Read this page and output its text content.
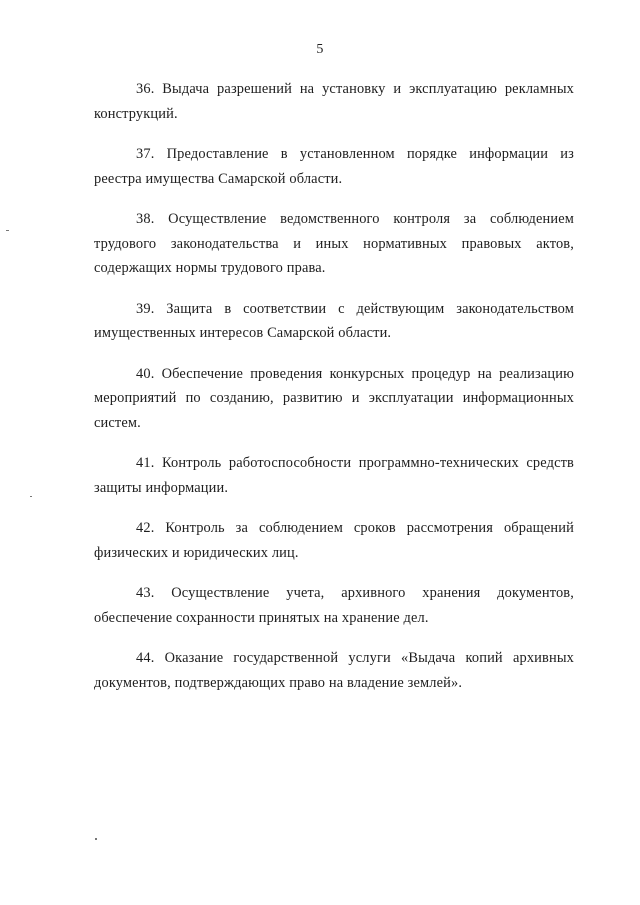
5

36. Выдача разрешений на установку и эксплуатацию рекламных конструкций.

37. Предоставление в установленном порядке информации из реестра имущества Самарской области.

38. Осуществление ведомственного контроля за соблюдением трудового законодательства и иных нормативных правовых актов, содержащих нормы трудового права.

39. Защита в соответствии с действующим законодательством имущественных интересов Самарской области.

40. Обеспечение проведения конкурсных процедур на реализацию мероприятий по созданию, развитию и эксплуатации информационных систем.

41. Контроль работоспособности программно-технических средств защиты информации.

42. Контроль за соблюдением сроков рассмотрения обращений физических и юридических лиц.

43. Осуществление учета, архивного хранения документов, обеспечение сохранности принятых на хранение дел.

44. Оказание государственной услуги «Выдача копий архивных документов, подтверждающих право на владение землей».
